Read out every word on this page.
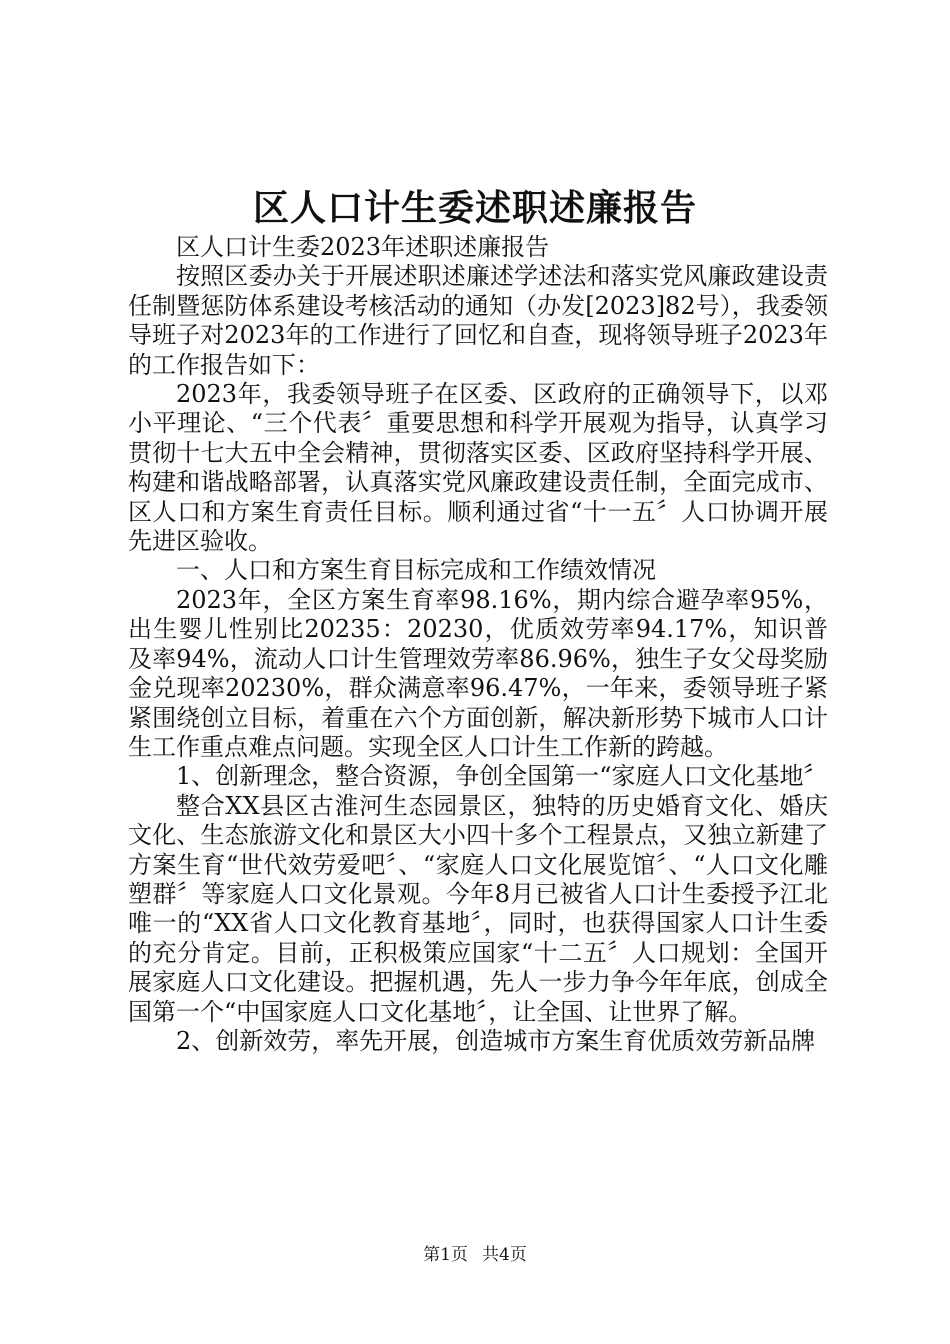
区人口计生委述职述廉报告

区人口计生委2023年述职述廉报告

按照区委办关于开展述职述廉述学述法和落实党风廉政建设责任制暨惩防体系建设考核活动的通知（办发[2023]82号），我委领导班子对2023年的工作进行了回忆和自查，现将领导班子2023年的工作报告如下：

2023年，我委领导班子在区委、区政府的正确领导下，以邓小平理论、“三个代表〞重要思想和科学开展观为指导，认真学习贯彻十七大五中全会精神，贯彻落实区委、区政府坚持科学开展、构建和谐战略部署，认真落实党风廉政建设责任制，全面完成市、区人口和方案生育责任目标。顺利通过省“十一五〞人口协调开展先进区验收。

一、人口和方案生育目标完成和工作绩效情况

2023年，全区方案生育率98.16%，期内综合避孕率95%，出生婴儿性别比20235：20230，优质效劳率94.17%，知识普及率94%，流动人口计生管理效劳率86.96%，独生子女父母奖励金兑现率20230%，群众满意率96.47%，一年来，委领导班子紧紧围绕创立目标，着重在六个方面创新，解决新形势下城市人口计生工作重点难点问题。实现全区人口计生工作新的跨越。

1、创新理念，整合资源，争创全国第一“家庭人口文化基地〞

整合XX县区古淮河生态园景区，独特的历史婚育文化、婚庆文化、生态旅游文化和景区大小四十多个工程景点，又独立新建了方案生育“世代效劳爱吧〞、“家庭人口文化展览馆〞、“人口文化雕塑群〞等家庭人口文化景观。今年8月已被省人口计生委授予江北唯一的“XX省人口文化教育基地〞，同时，也获得国家人口计生委的充分肯定。目前，正积极策应国家“十二五〞人口规划：全国开展家庭人口文化建设。把握机遇，先人一步力争今年年底，创成全国第一个“中国家庭人口文化基地〞，让全国、让世界了解。

2、创新效劳，率先开展，创造城市方案生育优质效劳新品牌

第1页 共4页
